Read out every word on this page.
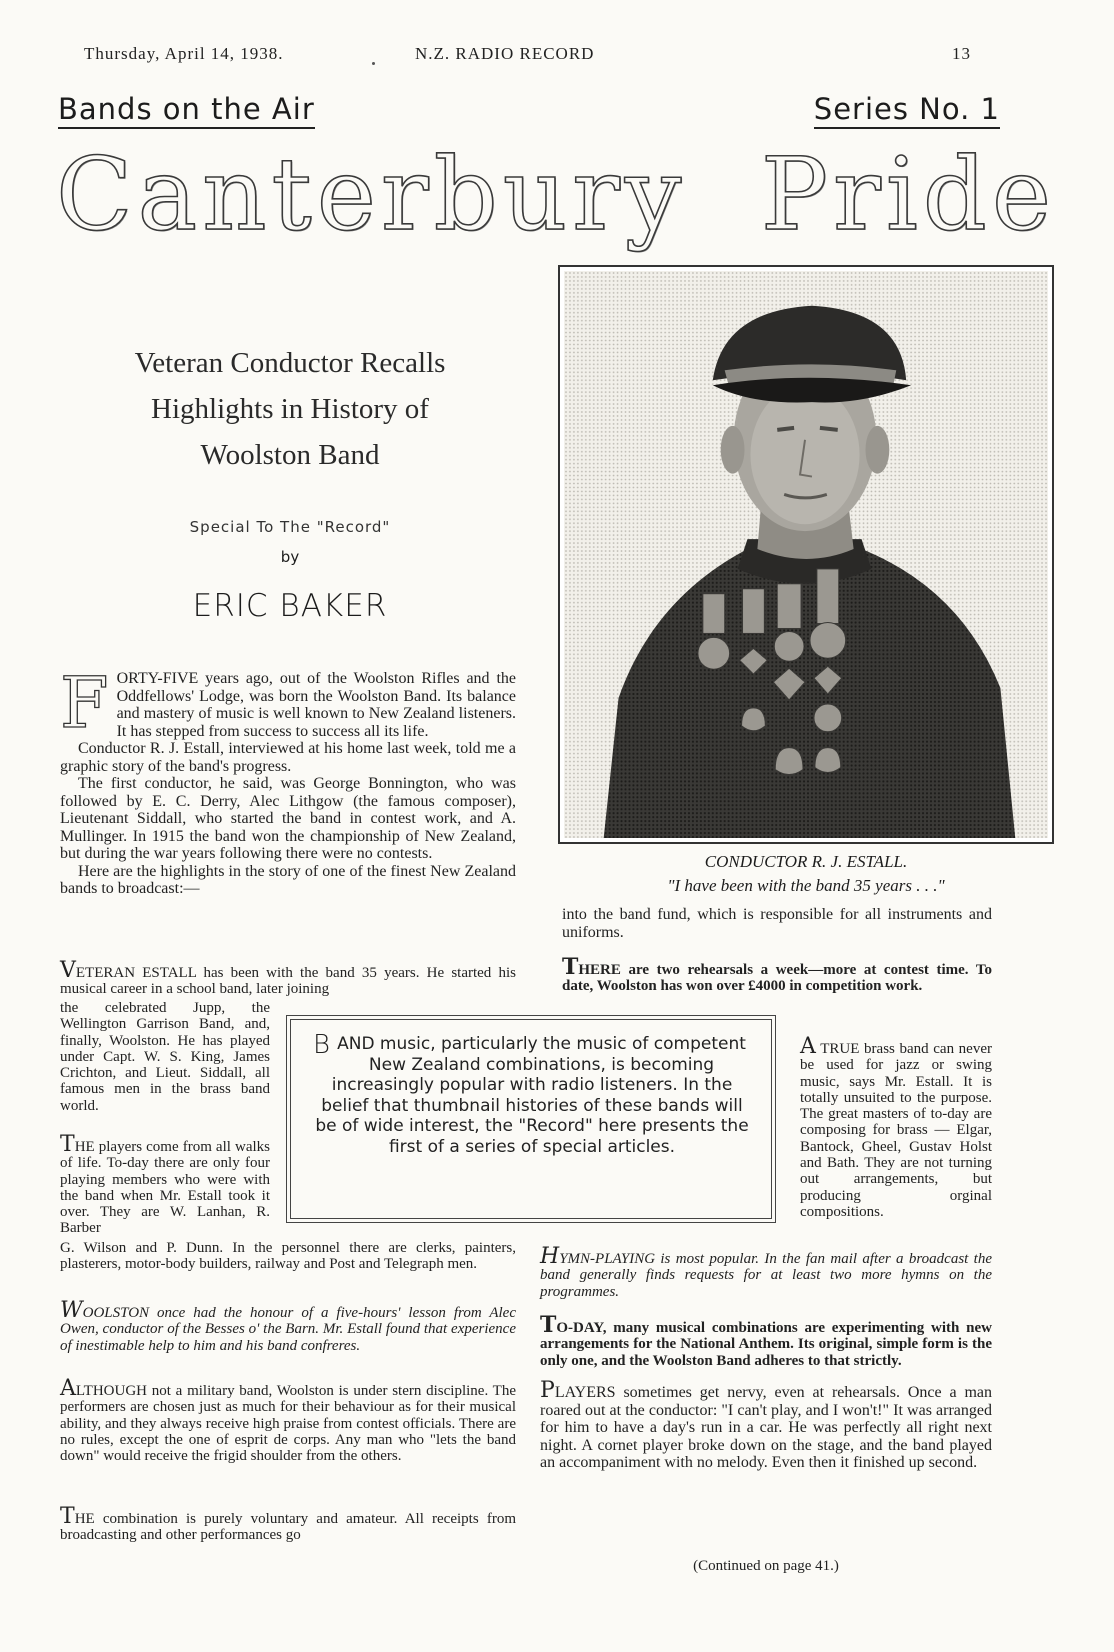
Thursday, April 14, 1938.	N.Z. RADIO RECORD	13
Bands on the Air	Series No. 1
Canterbury Pride
CONDUCTOR R. J. ESTALL.
"I have been with the band 35 years . . ."
Veteran Conductor Recalls
Highlights in History of
Woolston Band
Special To The "Record"
by
ERIC BAKER

FORTY-FIVE years ago, out of the Woolston Rifles and the Oddfellows' Lodge, was born the Woolston Band. Its balance and mastery of music is well known to New Zealand listeners. It has stepped from success to success all its life.

Conductor R. J. Estall, interviewed at his home last week, told me a graphic story of the band's progress.

The first conductor, he said, was George Bonnington, who was followed by E. C. Derry, Alec Lithgow (the famous composer), Lieutenant Siddall, who started the band in contest work, and A. Mullinger. In 1915 the band won the championship of New Zealand, but during the war years following there were no contests.

Here are the highlights in the story of one of the finest New Zealand bands to broadcast:—

VETERAN ESTALL has been with the band 35 years. He started his musical career in a school band, later joining

the celebrated Jupp, the Wellington Garrison Band, and, finally, Woolston. He has played under Capt. W. S. King, James Crichton, and Lieut. Siddall, all famous men in the brass band world.

THE players come from all walks of life. To-day there are only four playing members who were with the band when Mr. Estall took it over. They are W. Lanhan, R. Barber

G. Wilson and P. Dunn. In the personnel there are clerks, painters, plasterers, motor-body builders, railway and Post and Telegraph men.

WOOLSTON once had the honour of a five-hours' lesson from Alec Owen, conductor of the Besses o' the Barn. Mr. Estall found that experience of inestimable help to him and his band confreres.

ALTHOUGH not a military band, Woolston is under stern discipline. The performers are chosen just as much for their behaviour as for their musical ability, and they always receive high praise from contest officials. There are no rules, except the one of esprit de corps. Any man who "lets the band down" would receive the frigid shoulder from the others.

THE combination is purely voluntary and amateur. All receipts from broadcasting and other performances go

into the band fund, which is responsible for all instruments and uniforms.

THERE are two rehearsals a week—more at contest time. To date, Woolston has won over £4000 in competition work.

A TRUE brass band can never be used for jazz or swing music, says Mr. Estall. It is totally unsuited to the purpose. The great masters of to-day are composing for brass — Elgar, Bantock, Gheel, Gustav Holst and Bath. They are not turning out arrangements, but producing orginal compositions.

HYMN-PLAYING is most popular. In the fan mail after a broadcast the band generally finds requests for at least two more hymns on the programmes.

TO-DAY, many musical combinations are experimenting with new arrangements for the National Anthem. Its original, simple form is the only one, and the Woolston Band adheres to that strictly.

PLAYERS sometimes get nervy, even at rehearsals. Once a man roared out at the conductor: "I can't play, and I won't!" It was arranged for him to have a day's run in a car. He was perfectly all right next night. A cornet player broke down on the stage, and the band played an accompaniment with no melody. Even then it finished up second.

(Continued on page 41.)
BAND music, particularly the music of competent New Zealand combinations, is becoming increasingly popular with radio listeners. In the belief that thumbnail histories of these bands will be of wide interest, the "Record" here presents the first of a series of special articles.
